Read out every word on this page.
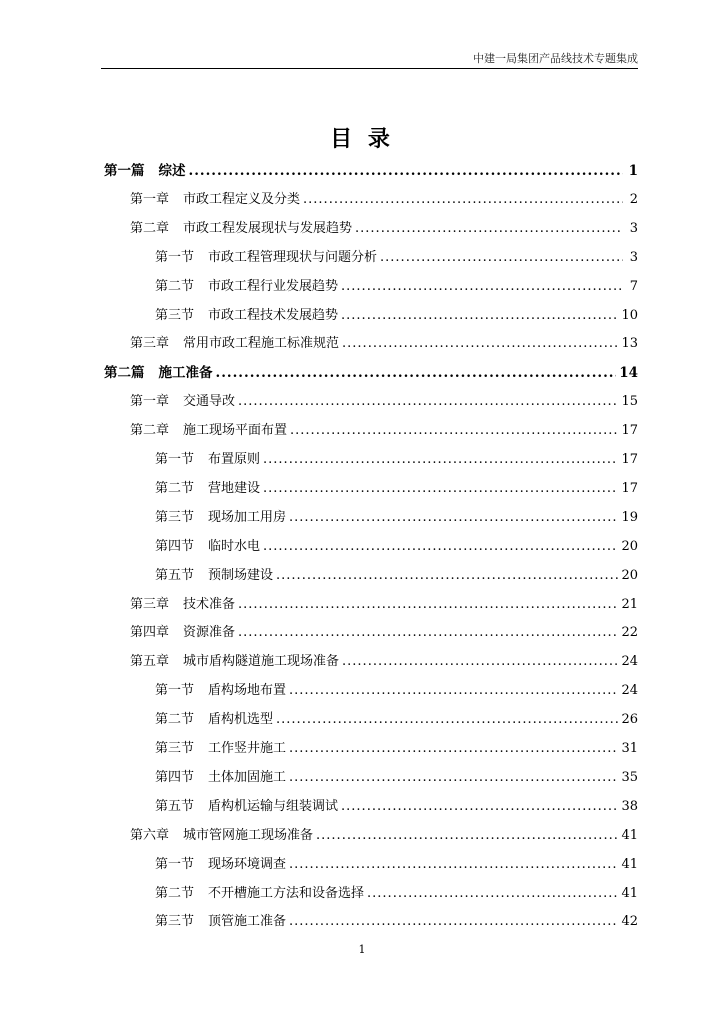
中建一局集团产品线技术专题集成
目 录
第一篇 综述 .....	1
第一章 市政工程定义及分类 .....	2
第二章 市政工程发展现状与发展趋势 .....	3
第一节 市政工程管理现状与问题分析 .....	3
第二节 市政工程行业发展趋势 .....	7
第三节 市政工程技术发展趋势 .....	10
第三章 常用市政工程施工标准规范 .....	13
第二篇 施工准备 .....	14
第一章 交通导改 .....	15
第二章 施工现场平面布置 .....	17
第一节 布置原则 .....	17
第二节 营地建设 .....	17
第三节 现场加工用房 .....	19
第四节 临时水电 .....	20
第五节 预制场建设 .....	20
第三章 技术准备 .....	21
第四章 资源准备 .....	22
第五章 城市盾构隧道施工现场准备 .....	24
第一节 盾构场地布置 .....	24
第二节 盾构机选型 .....	26
第三节 工作竖井施工 .....	31
第四节 土体加固施工 .....	35
第五节 盾构机运输与组装调试 .....	38
第六章 城市管网施工现场准备 .....	41
第一节 现场环境调查 .....	41
第二节 不开槽施工方法和设备选择 .....	41
第三节 顶管施工准备 .....	42
1
